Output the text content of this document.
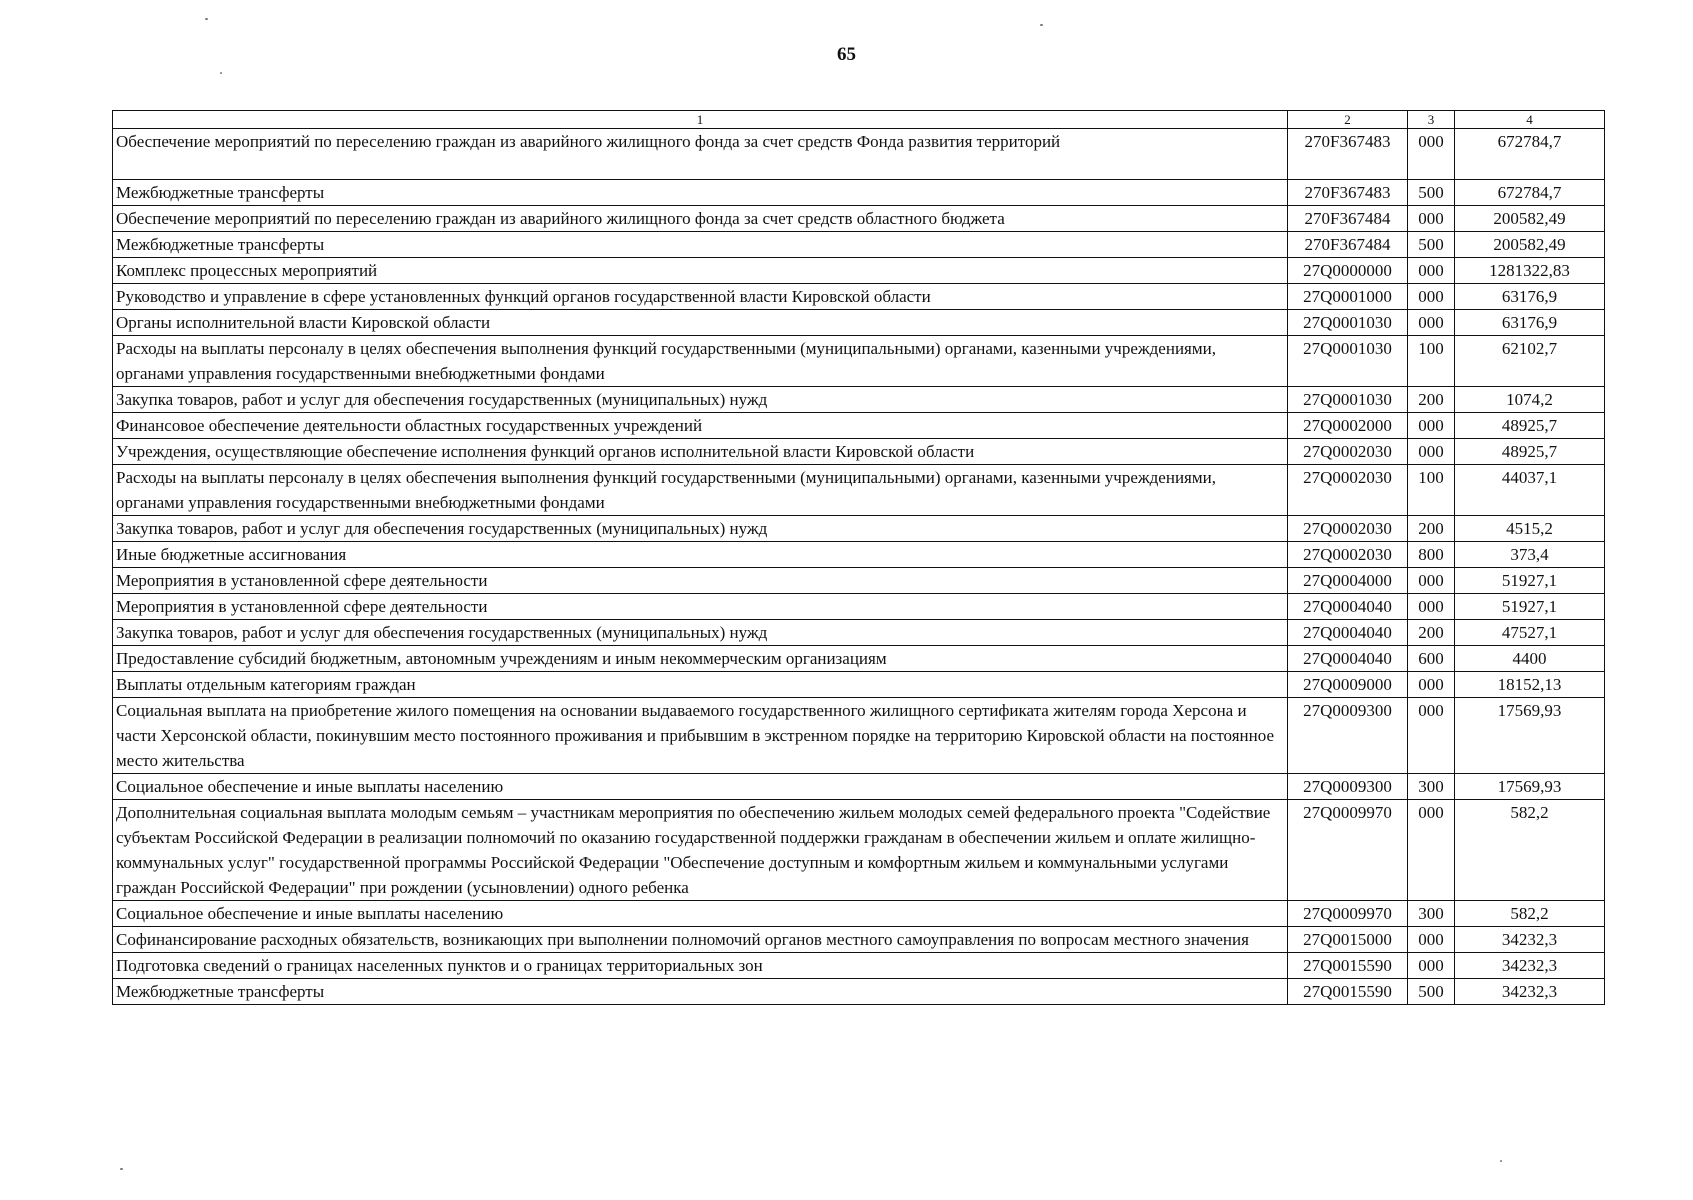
65
1	2	3	4
Обеспечение мероприятий по переселению граждан из аварийного жилищного фонда за счет средств Фонда развития территорий	270F367483	000	672784,7
Межбюджетные трансферты	270F367483	500	672784,7
Обеспечение мероприятий по переселению граждан из аварийного жилищного фонда за счет средств областного бюджета	270F367484	000	200582,49
Межбюджетные трансферты	270F367484	500	200582,49
Комплекс процессных мероприятий	27Q0000000	000	1281322,83
Руководство и управление в сфере установленных функций органов государственной власти Кировской области	27Q0001000	000	63176,9
Органы исполнительной власти Кировской области	27Q0001030	000	63176,9
Расходы на выплаты персоналу в целях обеспечения выполнения функций государственными (муниципальными) органами, казенными учреждениями, органами управления государственными внебюджетными фондами	27Q0001030	100	62102,7
Закупка товаров, работ и услуг для обеспечения государственных (муниципальных) нужд	27Q0001030	200	1074,2
Финансовое обеспечение деятельности областных государственных учреждений	27Q0002000	000	48925,7
Учреждения, осуществляющие обеспечение исполнения функций органов исполнительной власти Кировской области	27Q0002030	000	48925,7
Расходы на выплаты персоналу в целях обеспечения выполнения функций государственными (муниципальными) органами, казенными учреждениями, органами управления государственными внебюджетными фондами	27Q0002030	100	44037,1
Закупка товаров, работ и услуг для обеспечения государственных (муниципальных) нужд	27Q0002030	200	4515,2
Иные бюджетные ассигнования	27Q0002030	800	373,4
Мероприятия в установленной сфере деятельности	27Q0004000	000	51927,1
Мероприятия в установленной сфере деятельности	27Q0004040	000	51927,1
Закупка товаров, работ и услуг для обеспечения государственных (муниципальных) нужд	27Q0004040	200	47527,1
Предоставление субсидий бюджетным, автономным учреждениям и иным некоммерческим организациям	27Q0004040	600	4400
Выплаты отдельным категориям граждан	27Q0009000	000	18152,13
Социальная выплата на приобретение жилого помещения на основании выдаваемого государственного жилищного сертификата жителям города Херсона и части Херсонской области, покинувшим место постоянного проживания и прибывшим в экстренном порядке на территорию Кировской области на постоянное место жительства	27Q0009300	000	17569,93
Социальное обеспечение и иные выплаты населению	27Q0009300	300	17569,93
Дополнительная социальная выплата молодым семьям – участникам мероприятия по обеспечению жильем молодых семей федерального проекта "Содействие субъектам Российской Федерации в реализации полномочий по оказанию государственной поддержки гражданам в обеспечении жильем и оплате жилищно-коммунальных услуг" государственной программы Российской Федерации "Обеспечение доступным и комфортным жильем и коммунальными услугами граждан Российской Федерации" при рождении (усыновлении) одного ребенка	27Q0009970	000	582,2
Социальное обеспечение и иные выплаты населению	27Q0009970	300	582,2
Софинансирование расходных обязательств, возникающих при выполнении полномочий органов местного самоуправления по вопросам местного значения	27Q0015000	000	34232,3
Подготовка сведений о границах населенных пунктов и о границах территориальных зон	27Q0015590	000	34232,3
Межбюджетные трансферты	27Q0015590	500	34232,3
